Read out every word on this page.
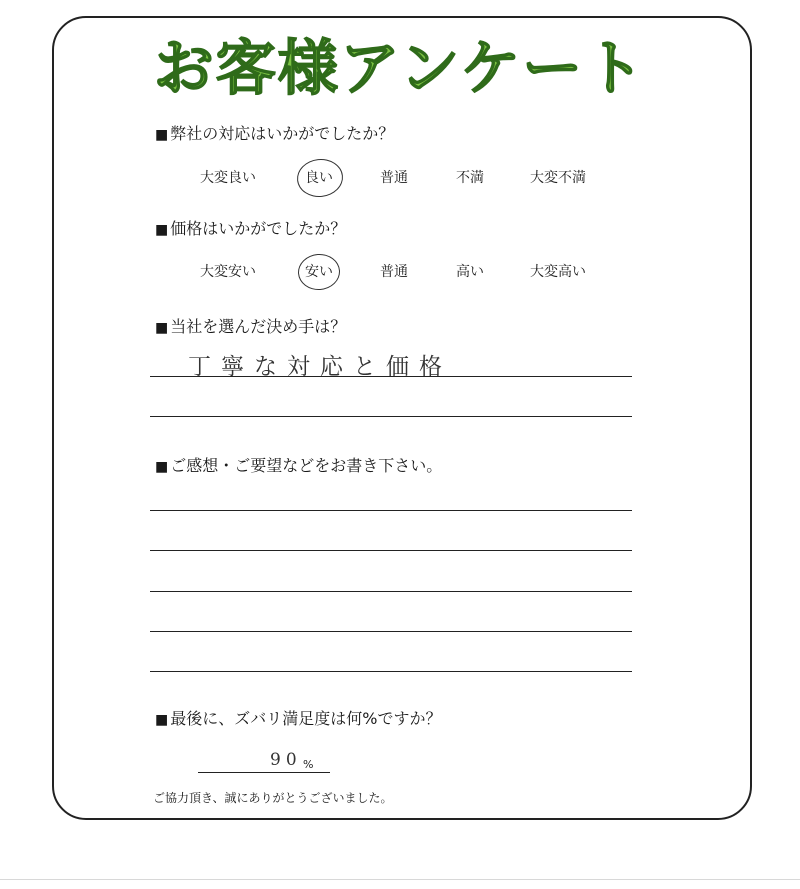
お客様アンケート
■ 弊社の対応はいかがでしたか？
大変良い	良い	普通	不満	大変不満
■ 価格はいかがでしたか？
大変安い	安い	普通	高い	大変高い
■ 当社を選んだ決め手は？
丁寧な対応と価格
■ ご感想・ご要望などをお書き下さい。
■ 最後に、ズバリ満足度は何%ですか？
90 %
ご協力頂き、誠にありがとうございました。
